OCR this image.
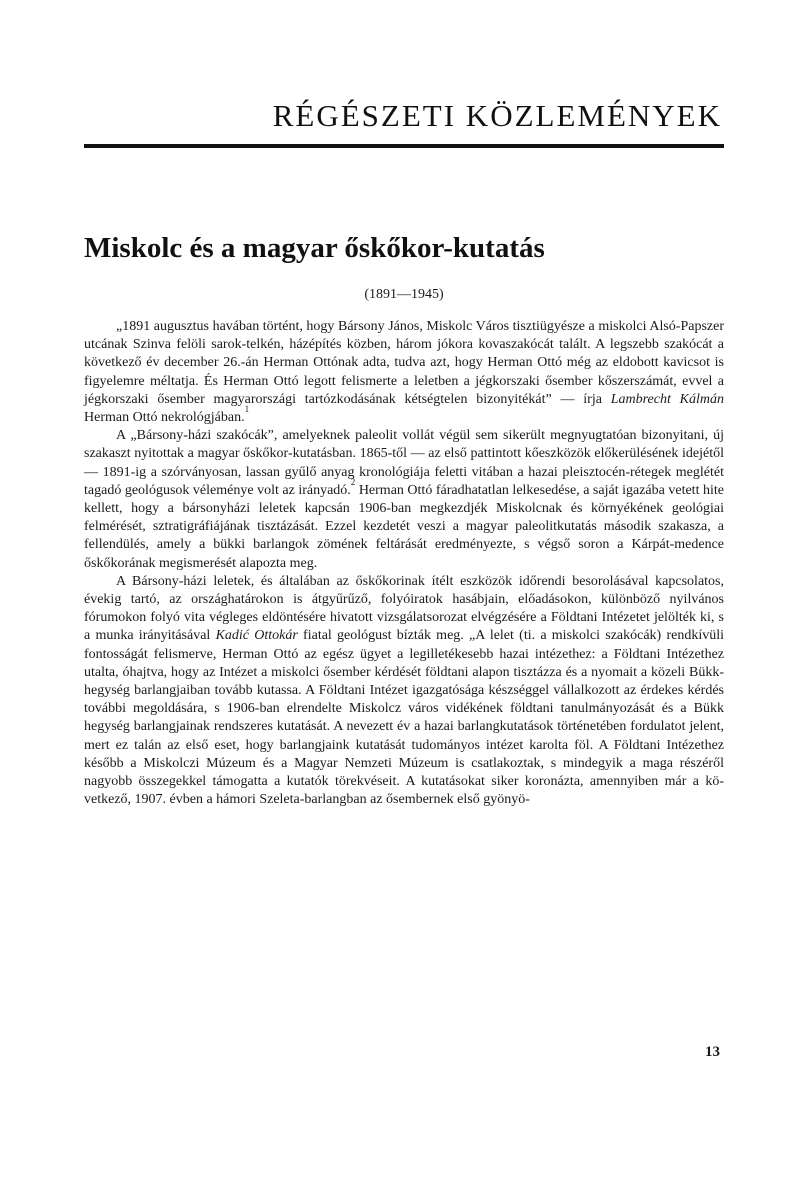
RÉGÉSZETI KÖZLEMÉNYEK
Miskolc és a magyar őskőkor-kutatás
(1891—1945)

„1891 augusztus havában történt, hogy Bársony János, Miskolc Város tisztiügyésze a miskolci Alsó-Papszer utcának Szinva felöli sarok-telkén, házépítés közben, három jókora kovaszakócát talált. A legszebb szakócát a következő év december 26.-án Herman Ottónak adta, tudva azt, hogy Herman Ottó még az eldobott kavicsot is figyelemre méltatja. És Herman Ottó legott felismerte a leletben a jégkorszaki ősember kőszerszámát, evvel a jégkorszaki ősember magyarországi tartózkodásának kétségtelen bizonyitékát” — írja Lambrecht Kálmán Herman Ottó nekrológjában.$^1$

A „Bársony-házi szakócák”, amelyeknek paleolit vollát végül sem sikerült megnyugtatóan bizonyitani, új szakaszt nyitottak a magyar őskőkor-kutatásban. 1865-től — az első pattintott kőeszközök előkerülésének idejétől — 1891-ig a szórványosan, lassan gyűlő anyag kronológiája feletti vitában a hazai pleisztocén-rétegek meglétét tagadó geológusok véleménye volt az irányadó.$^2$ Herman Ottó fáradhatatlan lelkesedése, a saját igazába vetett hite kellett, hogy a bársonyházi leletek kapcsán 1906-ban megkezdjék Miskolcnak és környékének geológiai felmérését, sztratigráfiájának tisztázását. Ezzel kezdetét veszi a magyar paleolitkutatás második szakasza, a fellendülés, amely a bükki barlangok zömének feltárását eredményezte, s végső soron a Kárpát-medence őskőkorának megismerését alapozta meg.

A Bársony-házi leletek, és általában az őskőkorinak ítélt eszközök időrendi besorolásával kapcsolatos, évekig tartó, az országhatárokon is átgyűrűző, folyóiratok hasábjain, előadásokon, különböző nyilvános fórumokon folyó vita végleges eldöntésére hivatott vizsgálatsorozat elvégzésére a Földtani Intézetet jelölték ki, s a munka irányitásával Kadić Ottokár fiatal geológust bízták meg. „A lelet (ti. a miskolci szakócák) rendkívüli fontosságát felismerve, Herman Ottó az egész ügyet a legilletékesebb hazai intézethez: a Földtani Intézethez utalta, óhajtva, hogy az Intézet a miskolci ősember kérdését földtani alapon tisztázza és a nyomait a közeli Bükk-hegység barlangjaiban tovább kutassa. A Földtani Intézet igazgatósága készséggel vállalkozott az érdekes kérdés további megoldására, s 1906-ban elrendelte Miskolcz város vidékének földtani tanulmányozását és a Bükk hegység barlangjainak rendszeres kutatását. A nevezett év a hazai barlangkutatások történetében fordulatot jelent, mert ez talán az első eset, hogy barlangjaink kutatását tudományos intézet karolta föl. A Földtani Intézethez később a Miskolczi Múzeum és a Magyar Nemzeti Múzeum is csatlakoztak, s mindegyik a maga részéről nagyobb összegekkel támogatta a kutatók törekvéseit. A kutatásokat siker koronázta, amennyiben már a következő, 1907. évben a hámori Szeleta-barlangban az ősembernek első gyönyö-

13
